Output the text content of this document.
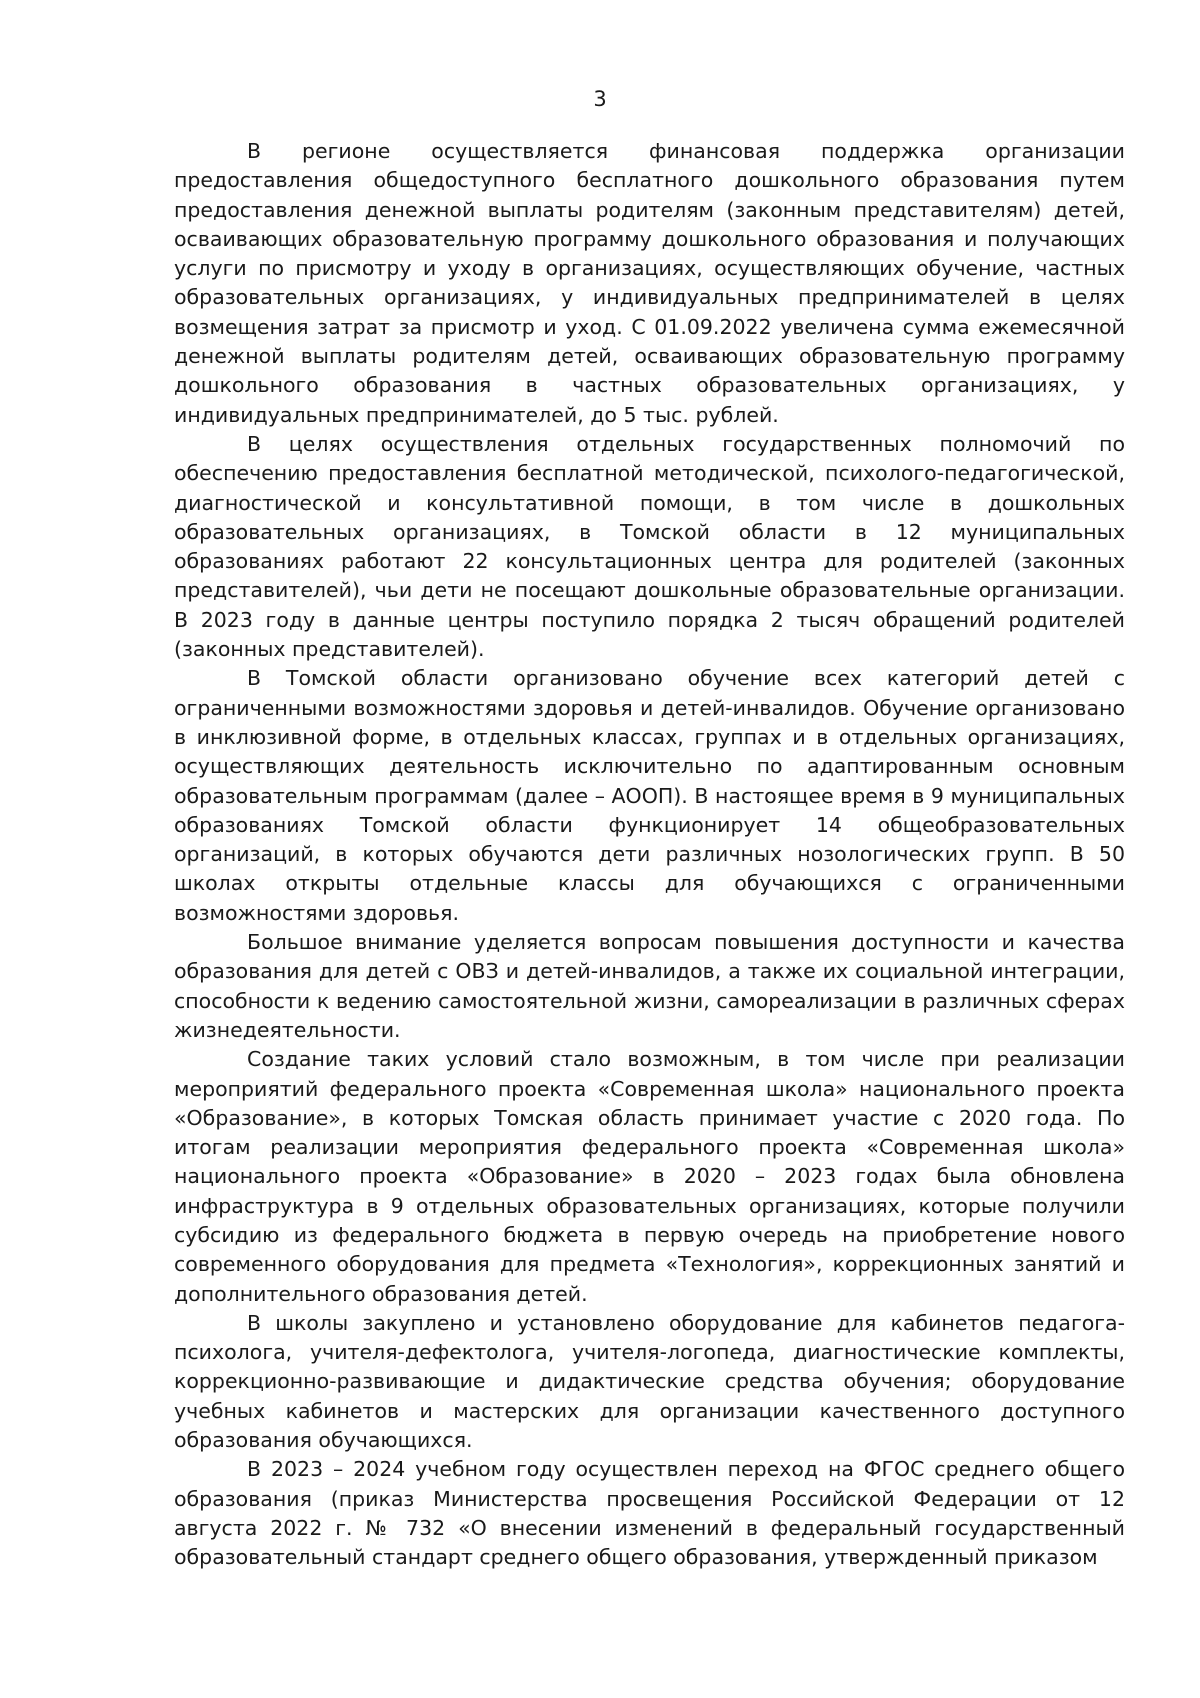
3

В регионе осуществляется финансовая поддержка организации предоставления общедоступного бесплатного дошкольного образования путем предоставления денежной выплаты родителям (законным представителям) детей, осваивающих образовательную программу дошкольного образования и получающих услуги по присмотру и уходу в организациях, осуществляющих обучение, частных образовательных организациях, у индивидуальных предпринимателей в целях возмещения затрат за присмотр и уход. С 01.09.2022 увеличена сумма ежемесячной денежной выплаты родителям детей, осваивающих образовательную программу дошкольного образования в частных образовательных организациях, у индивидуальных предпринимателей, до 5 тыс. рублей.

В целях осуществления отдельных государственных полномочий по обеспечению предоставления бесплатной методической, психолого-педагогической, диагностической и консультативной помощи, в том числе в дошкольных образовательных организациях, в Томской области в 12 муниципальных образованиях работают 22 консультационных центра для родителей (законных представителей), чьи дети не посещают дошкольные образовательные организации. В 2023 году в данные центры поступило порядка 2 тысяч обращений родителей (законных представителей).

В Томской области организовано обучение всех категорий детей с ограниченными возможностями здоровья и детей-инвалидов. Обучение организовано в инклюзивной форме, в отдельных классах, группах и в отдельных организациях, осуществляющих деятельность исключительно по адаптированным основным образовательным программам (далее – АООП). В настоящее время в 9 муниципальных образованиях Томской области функционирует 14 общеобразовательных организаций, в которых обучаются дети различных нозологических групп. В 50 школах открыты отдельные классы для обучающихся с ограниченными возможностями здоровья.

Большое внимание уделяется вопросам повышения доступности и качества образования для детей с ОВЗ и детей-инвалидов, а также их социальной интеграции, способности к ведению самостоятельной жизни, самореализации в различных сферах жизнедеятельности.

Создание таких условий стало возможным, в том числе при реализации мероприятий федерального проекта «Современная школа» национального проекта «Образование», в которых Томская область принимает участие с 2020 года. По итогам реализации мероприятия федерального проекта «Современная школа» национального проекта «Образование» в 2020 – 2023 годах была обновлена инфраструктура в 9 отдельных образовательных организациях, которые получили субсидию из федерального бюджета в первую очередь на приобретение нового современного оборудования для предмета «Технология», коррекционных занятий и дополнительного образования детей.

В школы закуплено и установлено оборудование для кабинетов педагога-психолога, учителя-дефектолога, учителя-логопеда, диагностические комплекты, коррекционно-развивающие и дидактические средства обучения; оборудование учебных кабинетов и мастерских для организации качественного доступного образования обучающихся.

В 2023 – 2024 учебном году осуществлен переход на ФГОС среднего общего образования (приказ Министерства просвещения Российской Федерации от 12 августа 2022 г. № 732 «О внесении изменений в федеральный государственный образовательный стандарт среднего общего образования, утвержденный приказом
